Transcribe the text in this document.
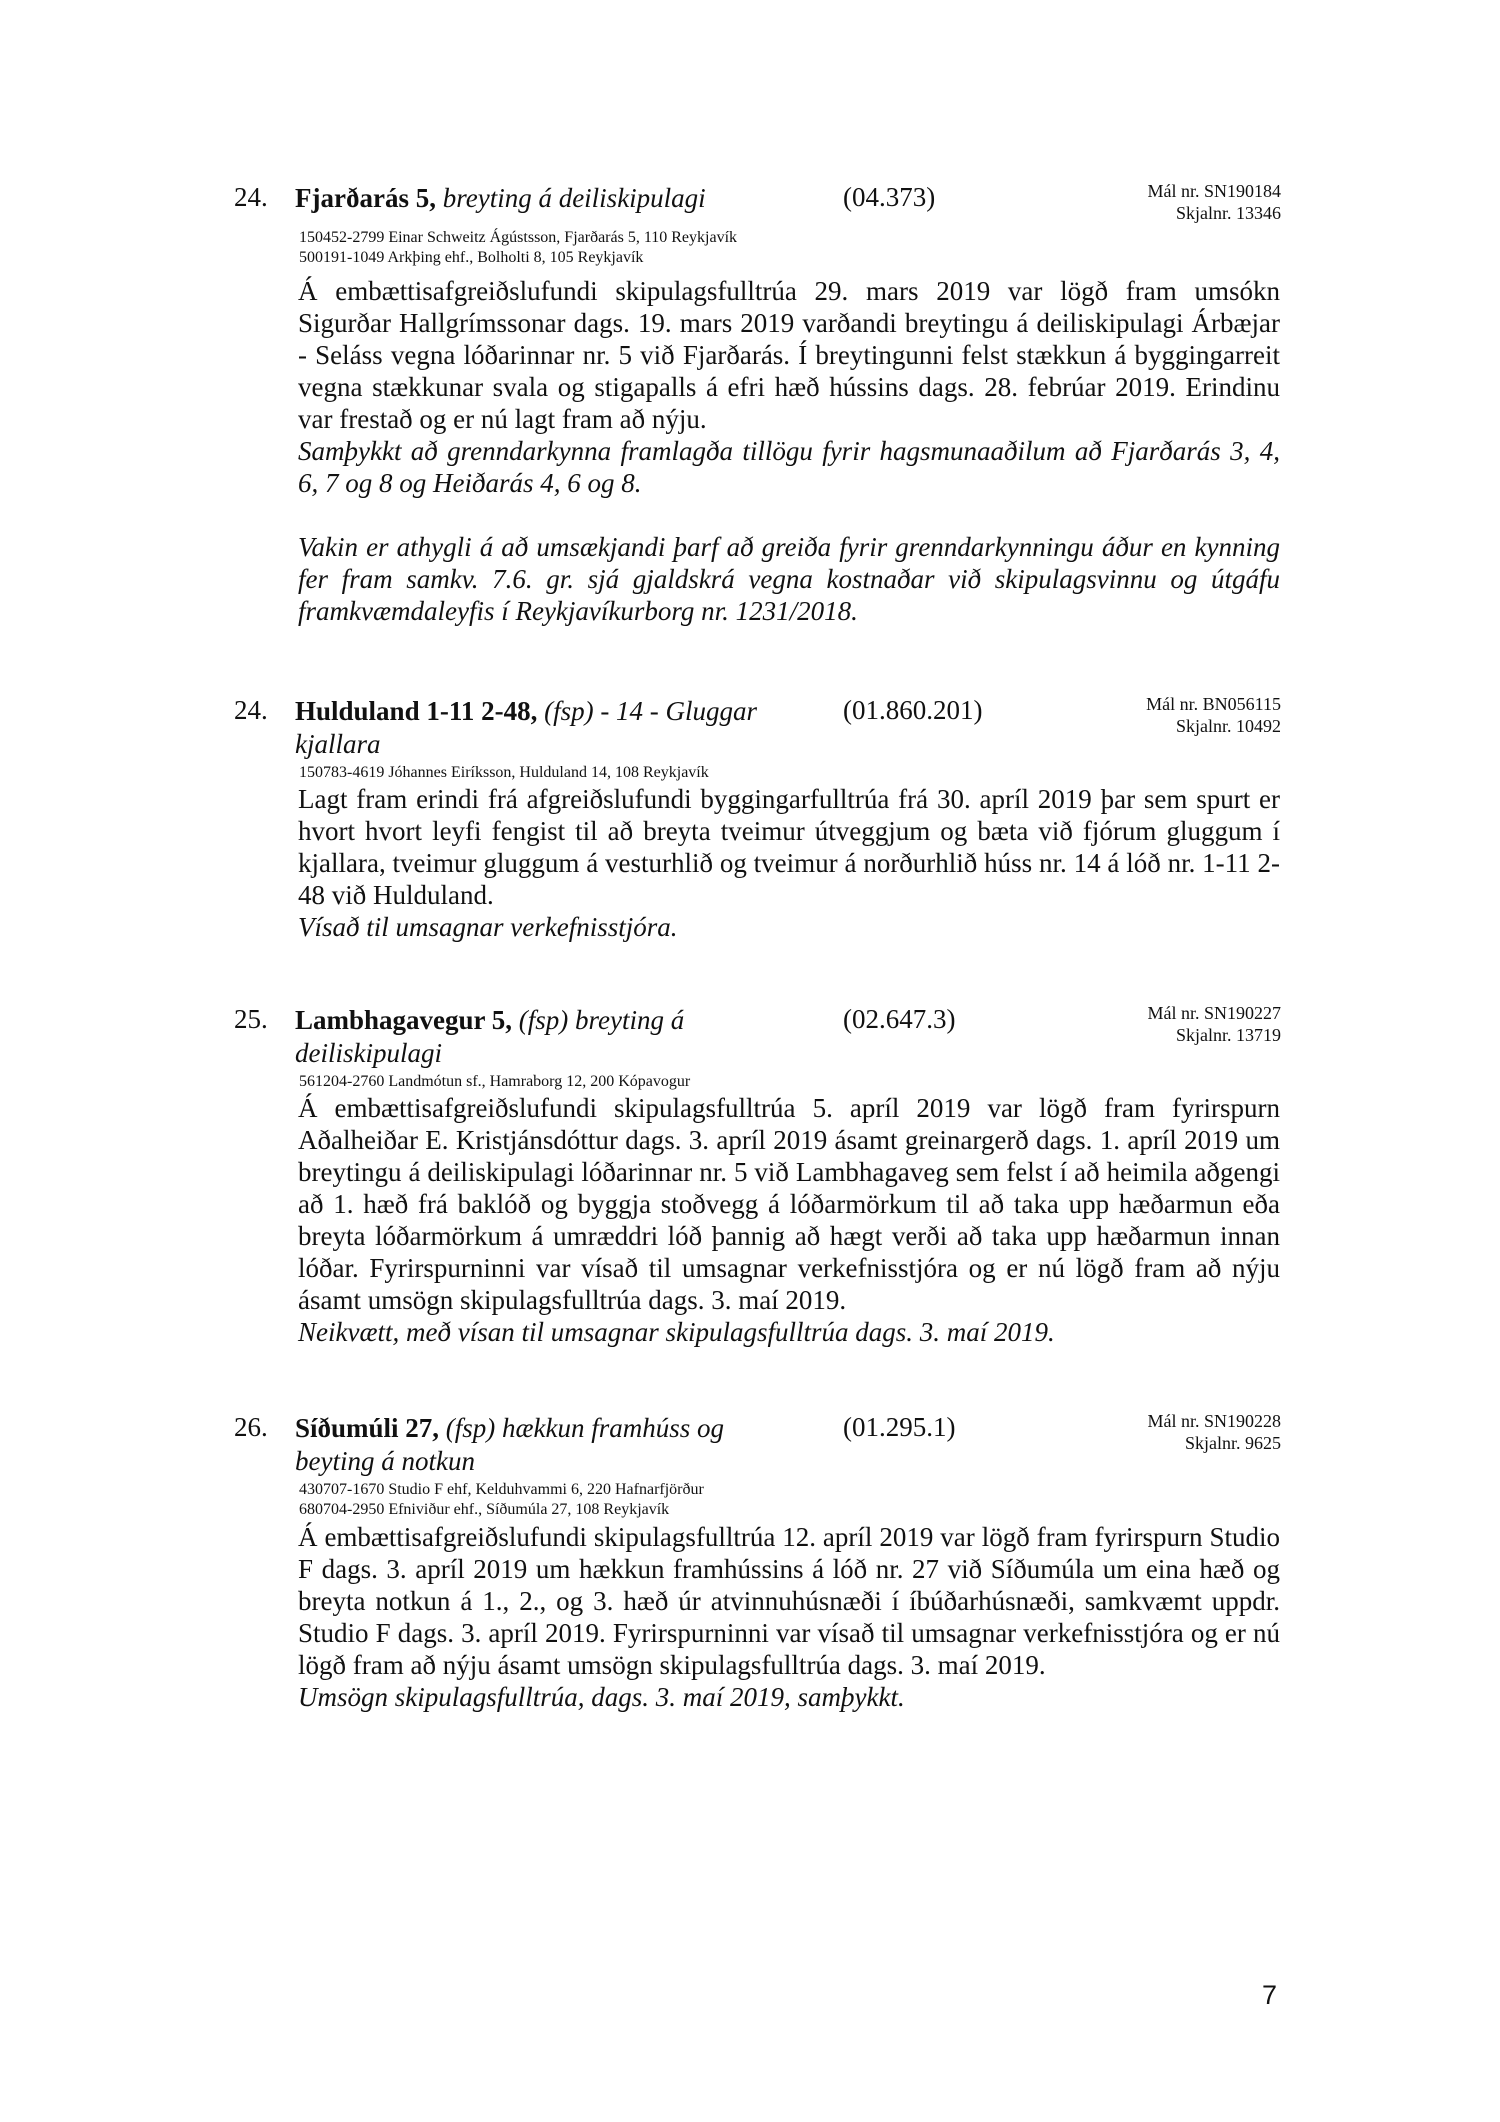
24. Fjarðarás 5, breyting á deiliskipulagi	(04.373)	Mál nr. SN190184
Skjalnr. 13346
150452-2799 Einar Schweitz Ágústsson, Fjarðarás 5, 110 Reykjavík
500191-1049 Arkþing ehf., Bolholti 8, 105 Reykjavík

Á embættisafgreiðslufundi skipulagsfulltrúa 29. mars 2019 var lögð fram umsókn Sigurðar Hallgrímssonar dags. 19. mars 2019 varðandi breytingu á deiliskipulagi Árbæjar - Seláss vegna lóðarinnar nr. 5 við Fjarðarás. Í breytingunni felst stækkun á byggingarreit vegna stækkunar svala og stigapalls á efri hæð hússins dags. 28. febrúar 2019. Erindinu var frestað og er nú lagt fram að nýju.

Samþykkt að grenndarkynna framlagða tillögu fyrir hagsmunaaðilum að Fjarðarás 3, 4, 6, 7 og 8 og Heiðarás 4, 6 og 8.

Vakin er athygli á að umsækjandi þarf að greiða fyrir grenndarkynningu áður en kynning fer fram samkv. 7.6. gr. sjá gjaldskrá vegna kostnaðar við skipulagsvinnu og útgáfu framkvæmdaleyfis í Reykjavíkurborg nr. 1231/2018.

24. Hulduland 1-11 2-48, (fsp) - 14 - Gluggar kjallara
(01.860.201)	Mál nr. BN056115
Skjalnr. 10492
150783-4619 Jóhannes Eiríksson, Hulduland 14, 108 Reykjavík

Lagt fram erindi frá afgreiðslufundi byggingarfulltrúa frá 30. apríl 2019 þar sem spurt er hvort hvort leyfi fengist til að breyta tveimur útveggjum og bæta við fjórum gluggum í kjallara, tveimur gluggum á vesturhlið og tveimur á norðurhlið húss nr. 14 á lóð nr. 1-11 2-48 við Hulduland.

Vísað til umsagnar verkefnisstjóra.

25. Lambhagavegur 5, (fsp) breyting á deiliskipulagi
(02.647.3)	Mál nr. SN190227
Skjalnr. 13719
561204-2760 Landmótun sf., Hamraborg 12, 200 Kópavogur

Á embættisafgreiðslufundi skipulagsfulltrúa 5. apríl 2019 var lögð fram fyrirspurn Aðalheiðar E. Kristjánsdóttur dags. 3. apríl 2019 ásamt greinargerð dags. 1. apríl 2019 um breytingu á deiliskipulagi lóðarinnar nr. 5 við Lambhagaveg sem felst í að heimila aðgengi að 1. hæð frá baklóð og byggja stoðvegg á lóðarmörkum til að taka upp hæðarmun eða breyta lóðarmörkum á umræddri lóð þannig að hægt verði að taka upp hæðarmun innan lóðar. Fyrirspurninni var vísað til umsagnar verkefnisstjóra og er nú lögð fram að nýju ásamt umsögn skipulagsfulltrúa dags. 3. maí 2019.

Neikvætt, með vísan til umsagnar skipulagsfulltrúa dags. 3. maí 2019.

26. Síðumúli 27, (fsp) hækkun framhúss og beyting á notkun
(01.295.1)	Mál nr. SN190228
Skjalnr. 9625
430707-1670 Studio F ehf, Kelduhvammi 6, 220 Hafnarfjörður
680704-2950 Efniviður ehf., Síðumúla 27, 108 Reykjavík

Á embættisafgreiðslufundi skipulagsfulltrúa 12. apríl 2019 var lögð fram fyrirspurn Studio F dags. 3. apríl 2019 um hækkun framhússins á lóð nr. 27 við Síðumúla um eina hæð og breyta notkun á 1., 2., og 3. hæð úr atvinnuhúsnæði í íbúðarhúsnæði, samkvæmt uppdr. Studio F dags. 3. apríl 2019. Fyrirspurninni var vísað til umsagnar verkefnisstjóra og er nú lögð fram að nýju ásamt umsögn skipulagsfulltrúa dags. 3. maí 2019.

Umsögn skipulagsfulltrúa, dags. 3. maí 2019, samþykkt.

7
